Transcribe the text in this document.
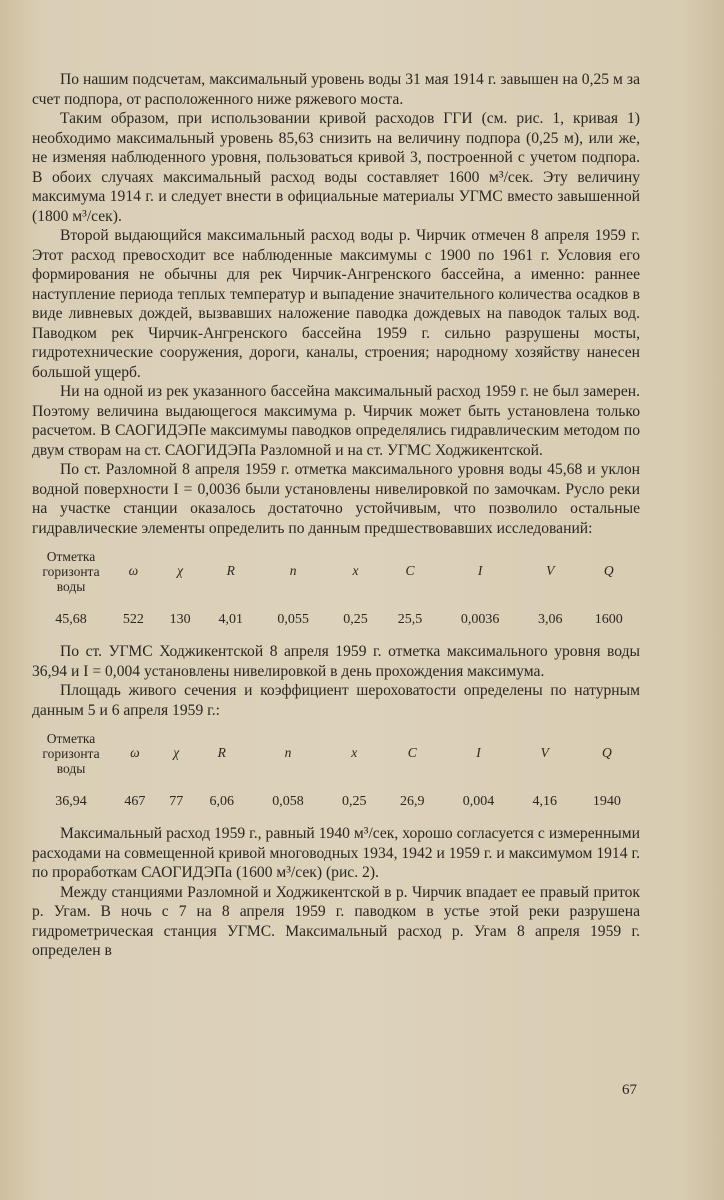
По нашим подсчетам, максимальный уровень воды 31 мая 1914 г. завышен на 0,25 м за счет подпора, от расположенного ниже ряжевого моста.

Таким образом, при использовании кривой расходов ГГИ (см. рис. 1, кривая 1) необходимо максимальный уровень 85,63 снизить на величину подпора (0,25 м), или же, не изменяя наблюденного уровня, пользоваться кривой 3, построенной с учетом подпора. В обоих случаях максимальный расход воды составляет 1600 м³/сек. Эту величину максимума 1914 г. и следует внести в официальные материалы УГМС вместо завышенной (1800 м³/сек).

Второй выдающийся максимальный расход воды р. Чирчик отмечен 8 апреля 1959 г. Этот расход превосходит все наблюденные максимумы с 1900 по 1961 г. Условия его формирования не обычны для рек Чирчик-Ангренского бассейна, а именно: раннее наступление периода теплых температур и выпадение значительного количества осадков в виде ливневых дождей, вызвавших наложение паводка дождевых на паводок талых вод. Паводком рек Чирчик-Ангренского бассейна 1959 г. сильно разрушены мосты, гидротехнические сооружения, дороги, каналы, строения; народному хозяйству нанесен большой ущерб.

Ни на одной из рек указанного бассейна максимальный расход 1959 г. не был замерен. Поэтому величина выдающегося максимума р. Чирчик может быть установлена только расчетом. В САОГИДЭПе максимумы паводков определялись гидравлическим методом по двум створам на ст. САОГИДЭПа Разломной и на ст. УГМС Ходжикентской.

По ст. Разломной 8 апреля 1959 г. отметка максимального уровня воды 45,68 и уклон водной поверхности I = 0,0036 были установлены нивелировкой по замочкам. Русло реки на участке станции оказалось достаточно устойчивым, что позволило остальные гидравлические элементы определить по данным предшествовавших исследований:

Отметка
горизонта
воды	ω	χ	R	n	x	C	I	V	Q
45,68	522	130	4,01	0,055	0,25	25,5	0,0036	3,06	1600

По ст. УГМС Ходжикентской 8 апреля 1959 г. отметка максимального уровня воды 36,94 и I = 0,004 установлены нивелировкой в день прохождения максимума.

Площадь живого сечения и коэффициент шероховатости определены по натурным данным 5 и 6 апреля 1959 г.:

Отметка
горизонта
воды	ω	χ	R	n	x	C	I	V	Q
36,94	467	77	6,06	0,058	0,25	26,9	0,004	4,16	1940

Максимальный расход 1959 г., равный 1940 м³/сек, хорошо согласуется с измеренными расходами на совмещенной кривой многоводных 1934, 1942 и 1959 г. и максимумом 1914 г. по проработкам САОГИДЭПа (1600 м³/сек) (рис. 2).

Между станциями Разломной и Ходжикентской в р. Чирчик впадает ее правый приток р. Угам. В ночь с 7 на 8 апреля 1959 г. паводком в устье этой реки разрушена гидрометрическая станция УГМС. Максимальный расход р. Угам 8 апреля 1959 г. определен в

67
